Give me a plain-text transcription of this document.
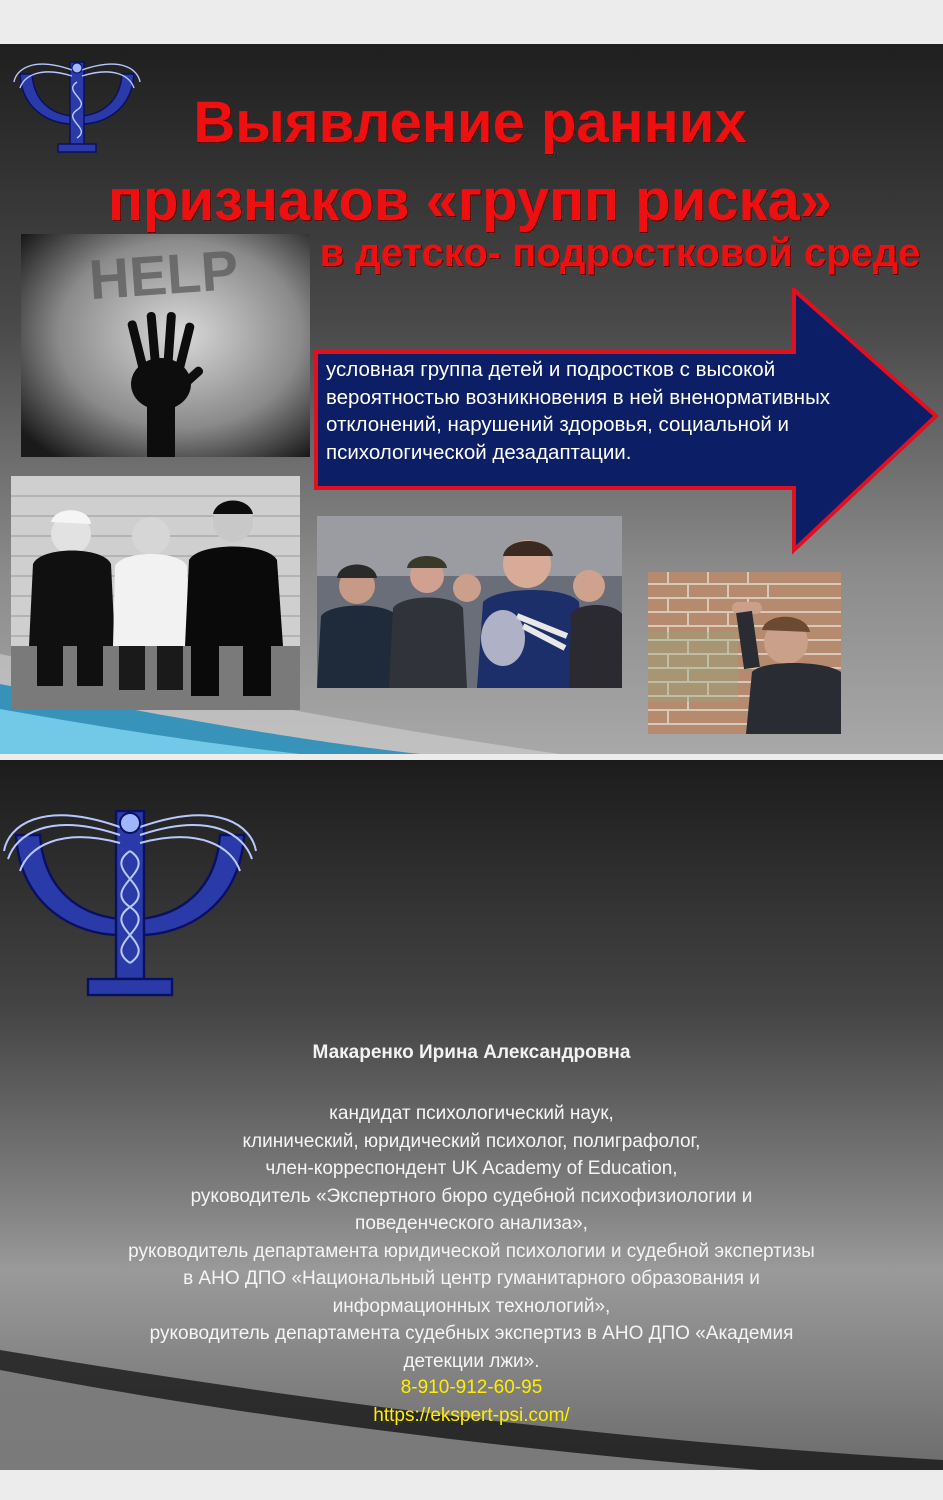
Выявление ранних признаков «групп риска»
в детско- подростковой среде
HELP
условная группа детей и подростков с высокой вероятностью возникновения в ней вненормативных отклонений, нарушений здоровья, социальной и психологической дезадаптации.
Макаренко Ирина Александровна
кандидат психологический наук,
клинический, юридический психолог, полиграфолог,
член-корреспондент UK Academy of Education,
руководитель «Экспертного бюро судебной психофизиологии и
поведенческого анализа»,
руководитель департамента юридической психологии и судебной экспертизы
в АНО ДПО «Национальный центр гуманитарного образования и
информационных технологий»,
руководитель департамента судебных экспертиз в АНО ДПО «Академия
детекции лжи».
8-910-912-60-95
https://ekspert-psi.com/
